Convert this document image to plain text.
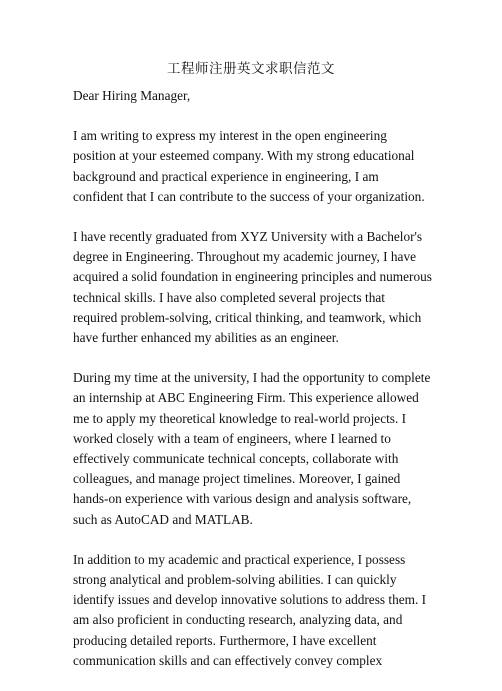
工程师注册英文求职信范文
Dear Hiring Manager,
I am writing to express my interest in the open engineering
position at your esteemed company. With my strong educational
background and practical experience in engineering, I am
confident that I can contribute to the success of your organization.
I have recently graduated from XYZ University with a Bachelor's
degree in Engineering. Throughout my academic journey, I have
acquired a solid foundation in engineering principles and numerous
technical skills. I have also completed several projects that
required problem-solving, critical thinking, and teamwork, which
have further enhanced my abilities as an engineer.
During my time at the university, I had the opportunity to complete
an internship at ABC Engineering Firm. This experience allowed
me to apply my theoretical knowledge to real-world projects. I
worked closely with a team of engineers, where I learned to
effectively communicate technical concepts, collaborate with
colleagues, and manage project timelines. Moreover, I gained
hands-on experience with various design and analysis software,
such as AutoCAD and MATLAB.
In addition to my academic and practical experience, I possess
strong analytical and problem-solving abilities. I can quickly
identify issues and develop innovative solutions to address them. I
am also proficient in conducting research, analyzing data, and
producing detailed reports. Furthermore, I have excellent
communication skills and can effectively convey complex
